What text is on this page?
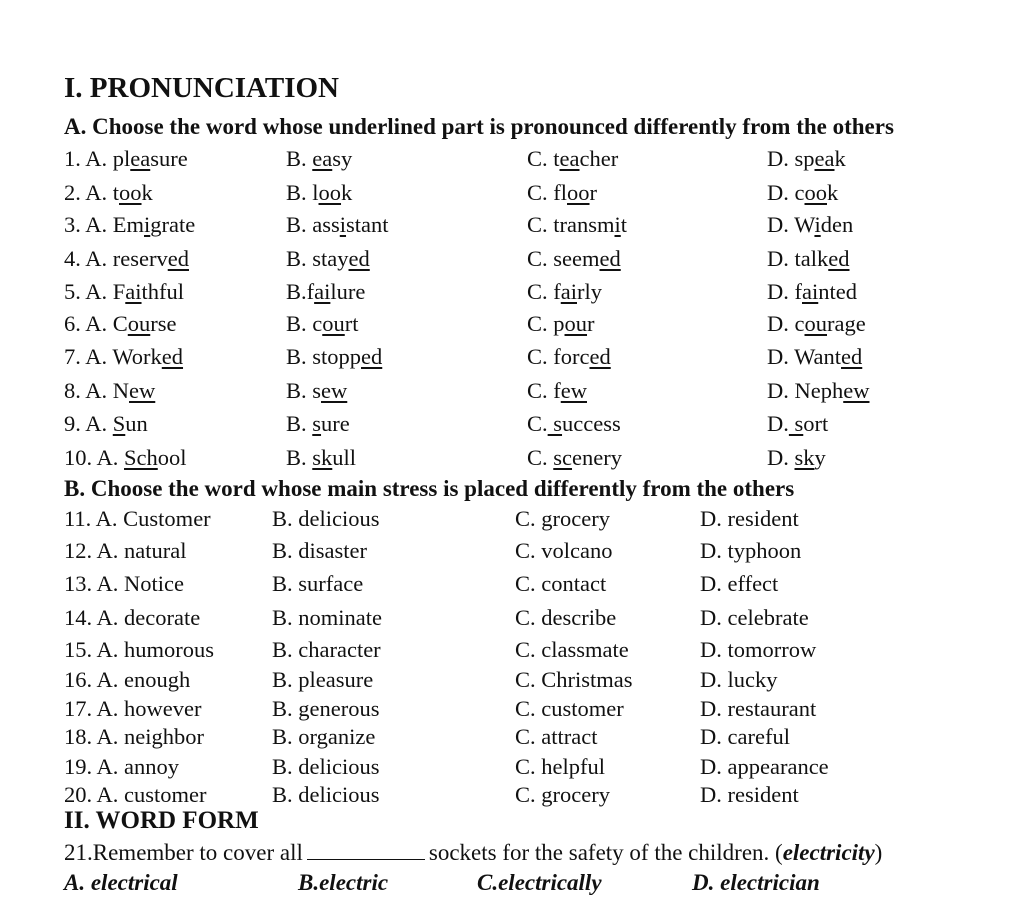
I. PRONUNCIATION
A. Choose the word whose underlined part is pronounced differently from the others
1. A. pleasure	B. easy	C. teacher	D. speak
2. A. took	B. look	C. floor	D. cook
3. A. Emigrate	B. assistant	C. transmit	D. Widen
4. A. reserved	B. stayed	C. seemed	D. talked
5. A. Faithful	B.failure	C. fairly	D. fainted
6. A. Course	B. court	C. pour	D. courage
7. A. Worked	B. stopped	C. forced	D. Wanted
8. A. New	B. sew	C. few	D. Nephew
9. A. Sun	B. sure	C. success	D. sort
10. A. School	B. skull	C. scenery	D. sky
B. Choose the word whose main stress is placed differently from the others
11. A. Customer	B. delicious	C. grocery	D. resident
12. A. natural	B. disaster	C. volcano	D. typhoon
13. A. Notice	B. surface	C. contact	D. effect
14. A. decorate	B. nominate	C. describe	D. celebrate
15. A. humorous	B. character	C. classmate	D. tomorrow
16. A. enough	B. pleasure	C. Christmas	D. lucky
17. A. however	B. generous	C. customer	D. restaurant
18. A. neighbor	B. organize	C. attract	D. careful
19. A. annoy	B. delicious	C. helpful	D. appearance
20. A. customer	B. delicious	C. grocery	D. resident
II. WORD FORM
21.Remember to cover all	sockets for the safety of the children. (electricity)
A. electrical	B.electric	C.electrically	D. electrician
